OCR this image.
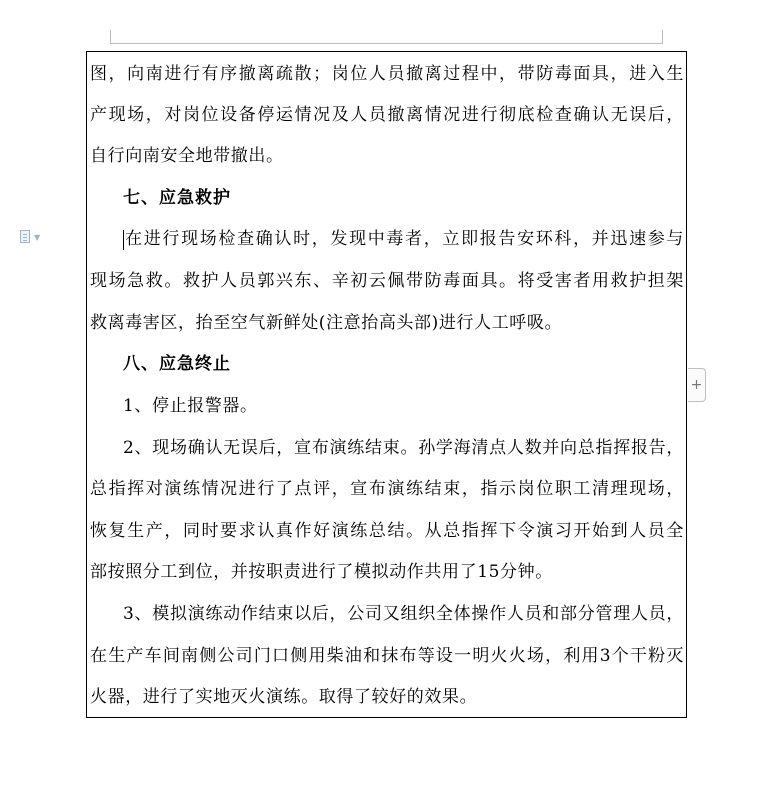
▼
图，向南进行有序撤离疏散；岗位人员撤离过程中，带防毒面具，进入生
产现场，对岗位设备停运情况及人员撤离情况进行彻底检查确认无误后，
自行向南安全地带撤出。
七、应急救护
在进行现场检查确认时，发现中毒者，立即报告安环科，并迅速参与
现场急救。救护人员郭兴东、辛初云佩带防毒面具。将受害者用救护担架
救离毒害区，抬至空气新鲜处(注意抬高头部)进行人工呼吸。
八、应急终止
1、停止报警器。
2、现场确认无误后，宣布演练结束。孙学海清点人数并向总指挥报告，
总指挥对演练情况进行了点评，宣布演练结束，指示岗位职工清理现场，
恢复生产，同时要求认真作好演练总结。从总指挥下令演习开始到人员全
部按照分工到位，并按职责进行了模拟动作共用了15分钟。
3、模拟演练动作结束以后，公司又组织全体操作人员和部分管理人员，
在生产车间南侧公司门口侧用柴油和抹布等设一明火火场，利用3个干粉灭
火器，进行了实地灭火演练。取得了较好的效果。
+
